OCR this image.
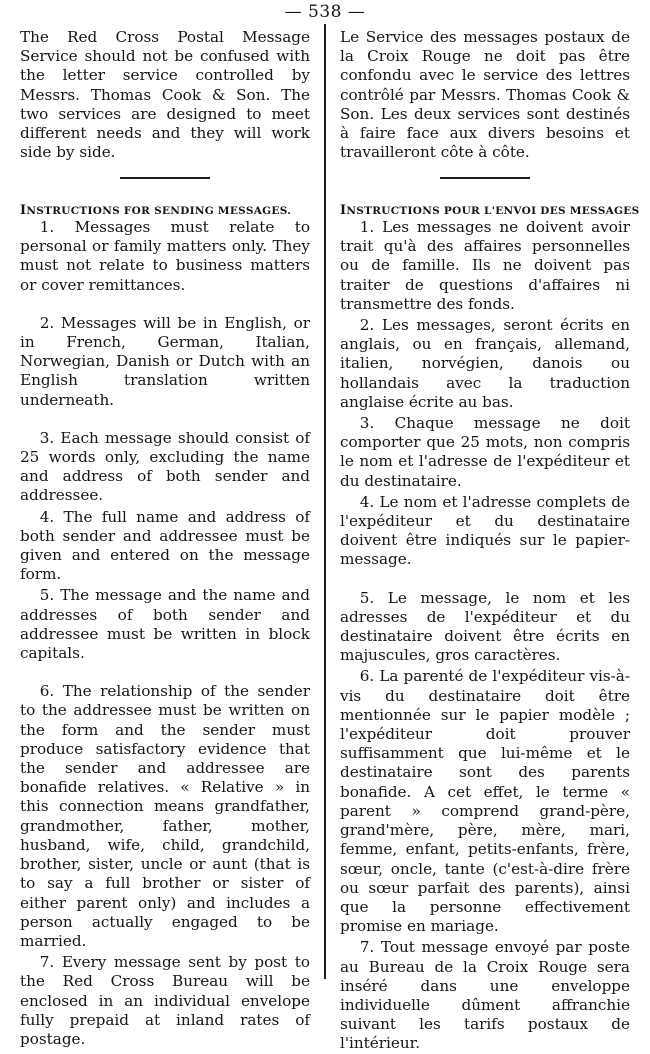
— 538 —

The Red Cross Postal Message Service should not be confused with the letter service controlled by Messrs. Thomas Cook & Son. The two services are designed to meet different needs and they will work side by side.

INSTRUCTIONS FOR SENDING MESSAGES.

1. Messages must relate to personal or family matters only. They must not relate to business matters or cover remittances.

2. Messages will be in English, or in French, German, Italian, Norwegian, Danish or Dutch with an English translation written underneath.

3. Each message should consist of 25 words only, excluding the name and address of both sender and addressee.

4. The full name and address of both sender and addressee must be given and entered on the message form.

5. The message and the name and addresses of both sender and addressee must be written in block capitals.

6. The relationship of the sender to the addressee must be written on the form and the sender must produce satisfactory evidence that the sender and addressee are bonafide relatives. « Relative » in this connection means grandfather, grandmother, father, mother, husband, wife, child, grandchild, brother, sister, uncle or aunt (that is to say a full brother or sister of either parent only) and includes a person actually engaged to be married.

7. Every message sent by post to the Red Cross Bureau will be enclosed in an individual envelope fully prepaid at inland rates of postage.

Le Service des messages postaux de la Croix Rouge ne doit pas être confondu avec le service des lettres contrôlé par Messrs. Thomas Cook & Son. Les deux services sont destinés à faire face aux divers besoins et travailleront côte à côte.

INSTRUCTIONS POUR L'ENVOI DES MESSAGES

1. Les messages ne doivent avoir trait qu'à des affaires personnelles ou de famille. Ils ne doivent pas traiter de questions d'affaires ni transmettre des fonds.

2. Les messages, seront écrits en anglais, ou en français, allemand, italien, norvégien, danois ou hollandais avec la traduction anglaise écrite au bas.

3. Chaque message ne doit comporter que 25 mots, non compris le nom et l'adresse de l'expéditeur et du destinataire.

4. Le nom et l'adresse complets de l'expéditeur et du destinataire doivent être indiqués sur le papier-message.

5. Le message, le nom et les adresses de l'expéditeur et du destinataire doivent être écrits en majuscules, gros caractères.

6. La parenté de l'expéditeur vis-à-vis du destinataire doit être mentionnée sur le papier modèle ; l'expéditeur doit prouver suffisamment que lui-même et le destinataire sont des parents bonafide. A cet effet, le terme « parent » comprend grand-père, grand'mère, père, mère, mari, femme, enfant, petits-enfants, frère, sœur, oncle, tante (c'est-à-dire frère ou sœur parfait des parents), ainsi que la personne effectivement promise en mariage.

7. Tout message envoyé par poste au Bureau de la Croix Rouge sera inséré dans une enveloppe individuelle dûment affranchie suivant les tarifs postaux de l'intérieur.
